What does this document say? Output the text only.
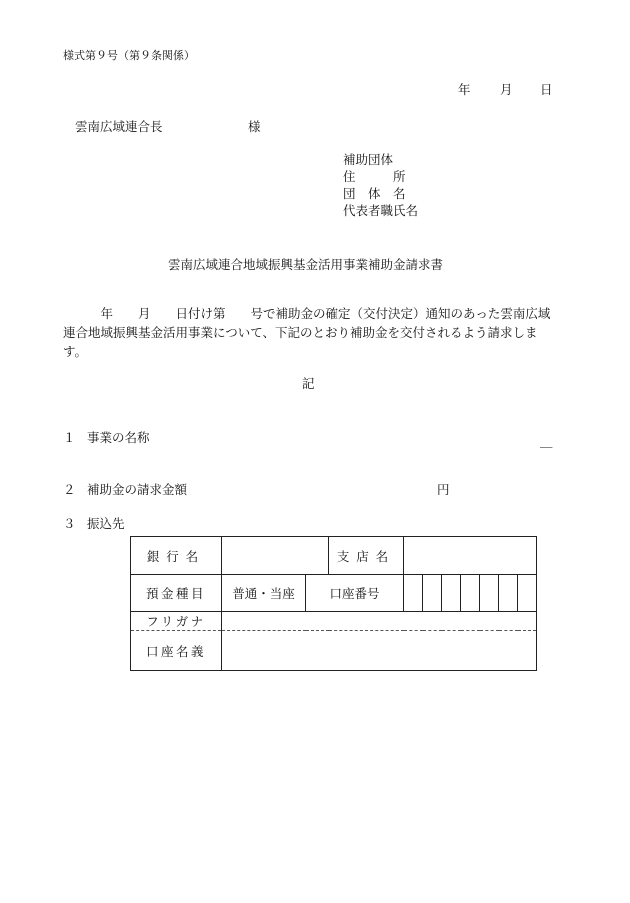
様式第９号（第９条関係）
年 月 日
雲南広域連合長	様
補助団体
住　　　所
団　体　名
代表者職氏名
雲南広域連合地域振興基金活用事業補助金請求書
　　　年　　月　　日付け第　　号で補助金の確定（交付決定）通知のあった雲南広域連合地域振興基金活用事業について、下記のとおり補助金を交付されるよう請求します。
記
１ 事業の名称	＿
２ 補助金の請求金額	円
３ 振込先
銀行名			支店名							
預金種目	普通・当座	口座番号								
フリガナ										
口座名義										
